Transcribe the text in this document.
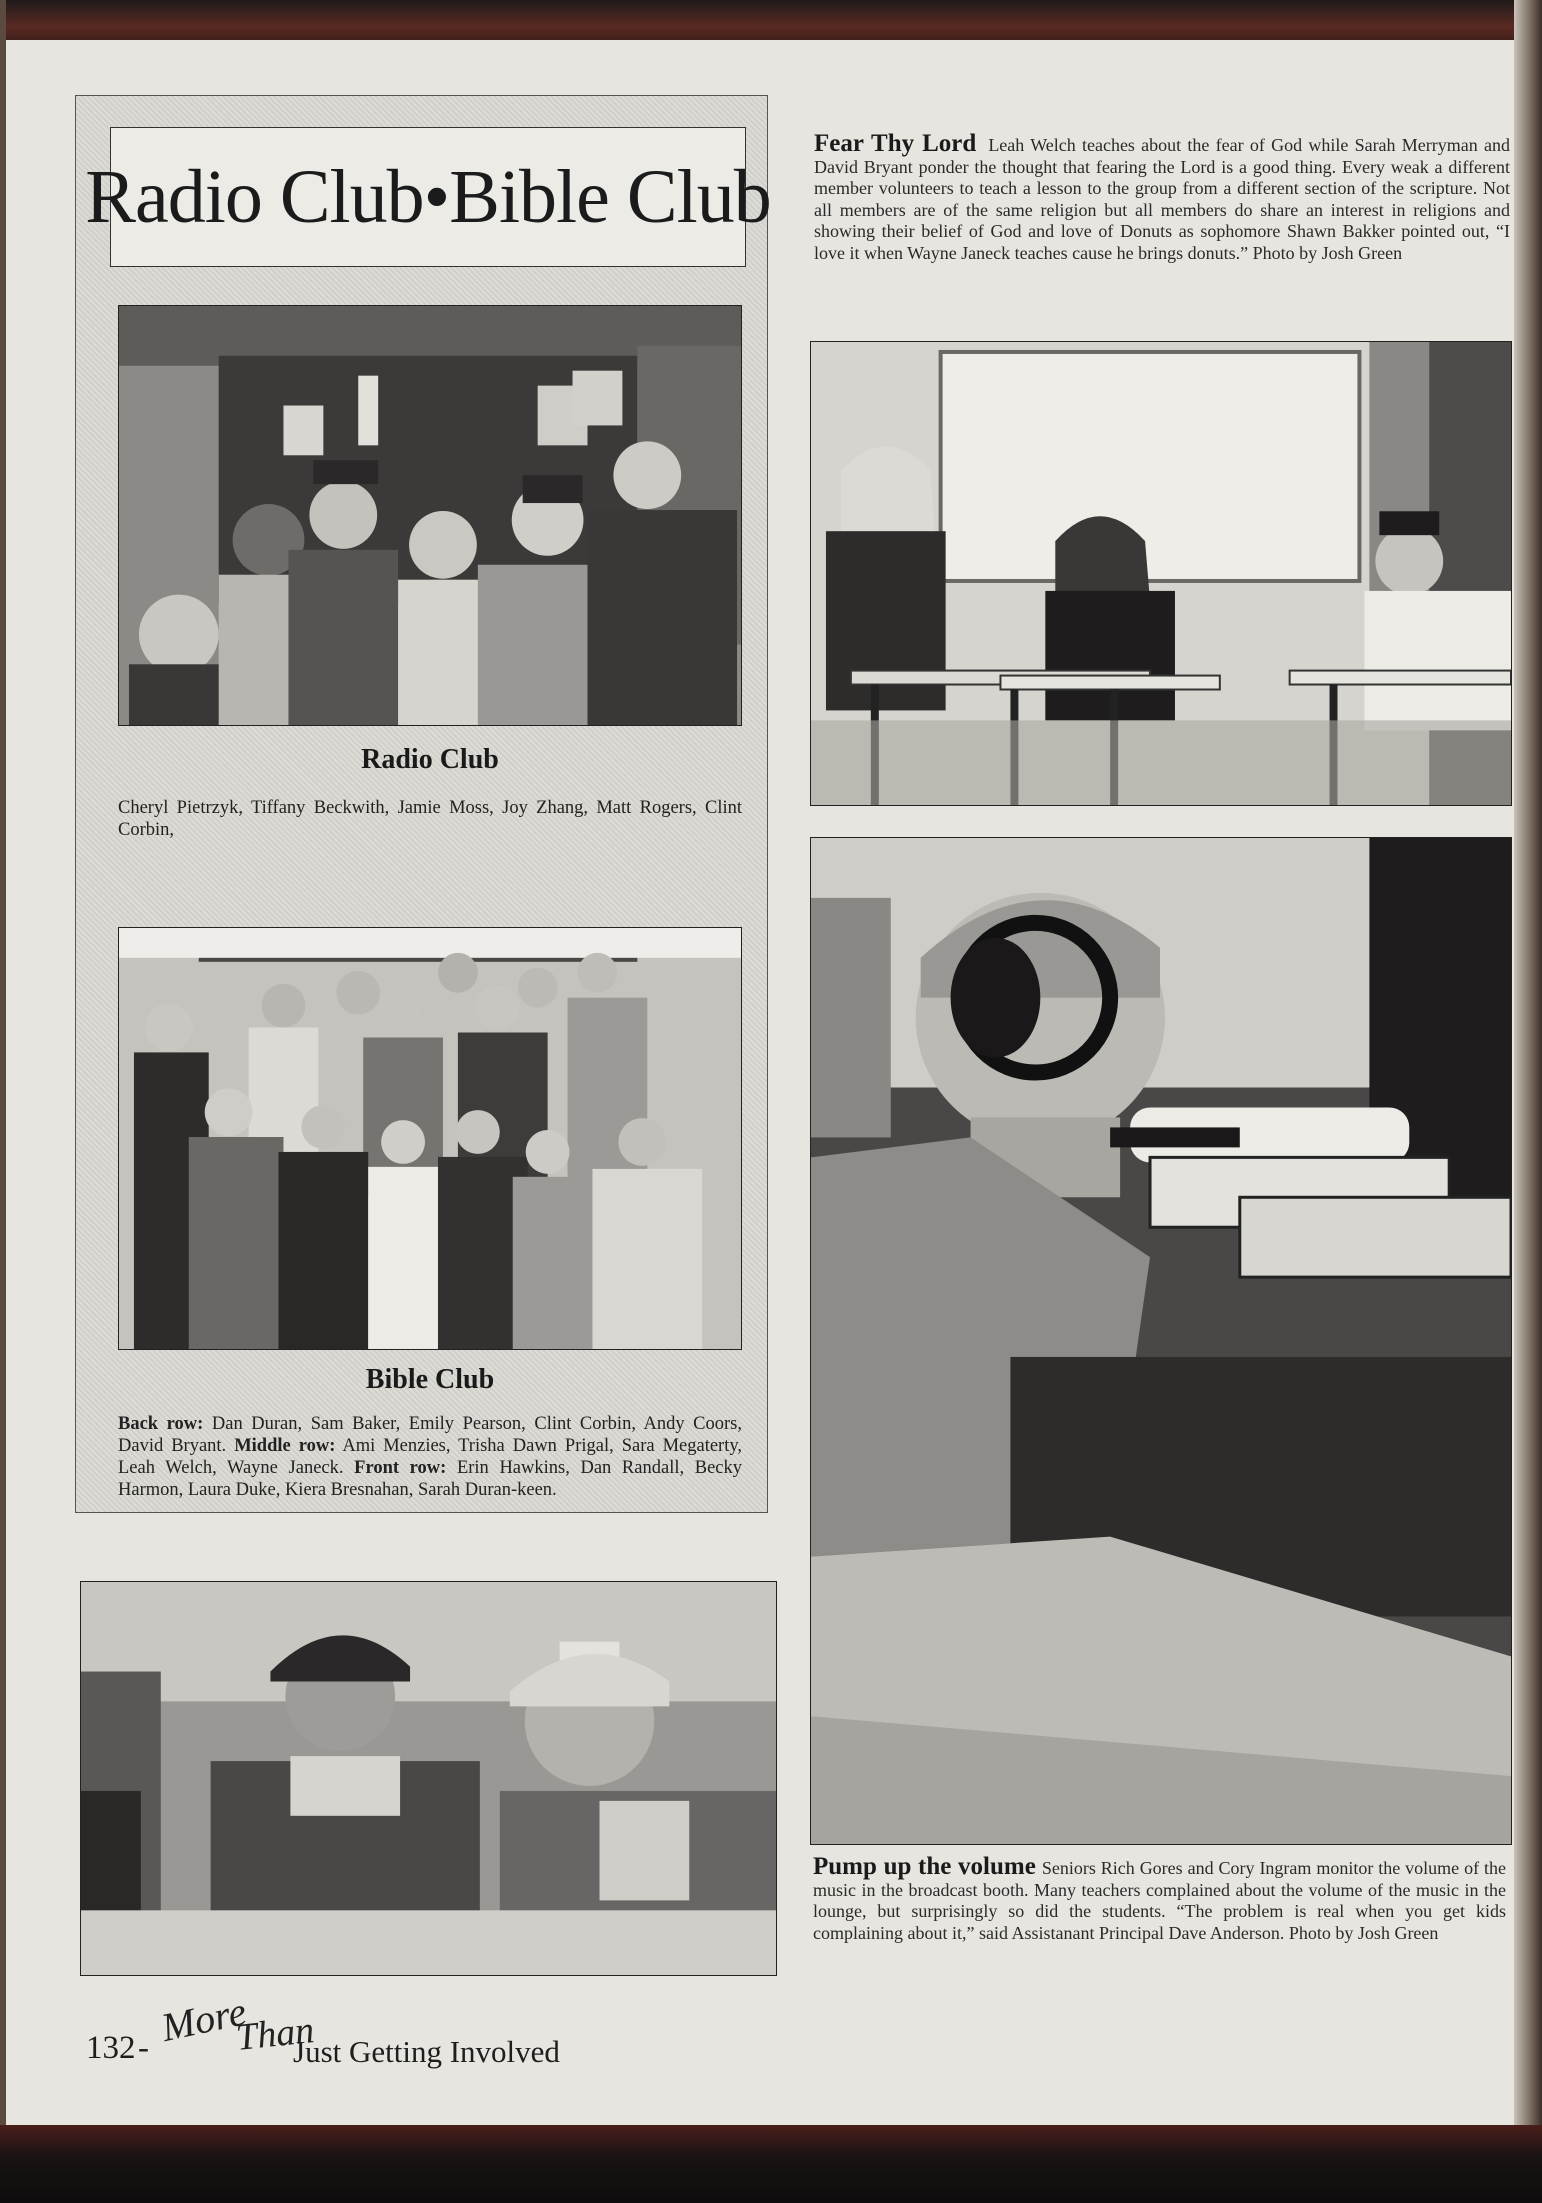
Radio Club•Bible Club
Radio Club
Cheryl Pietrzyk, Tiffany Beckwith, Jamie Moss, Joy Zhang, Matt Rogers, Clint Corbin,
Bible Club
Back row: Dan Duran, Sam Baker, Emily Pearson, Clint Corbin, Andy Coors, David Bryant. Middle row: Ami Menzies, Trisha Dawn Prigal, Sara Megaterty, Leah Welch, Wayne Janeck. Front row: Erin Hawkins, Dan Randall, Becky Harmon, Laura Duke, Kiera Bresnahan, Sarah Duran-keen.
Fear Thy Lord Leah Welch teaches about the fear of God while Sarah Merryman and David Bryant ponder the thought that fearing the Lord is a good thing. Every weak a different member volunteers to teach a lesson to the group from a different section of the scripture. Not all members are of the same religion but all members do share an interest in religions and showing their belief of God and love of Donuts as sophomore Shawn Bakker pointed out, “I love it when Wayne Janeck teaches cause he brings donuts.” Photo by Josh Green
Pump up the volume Seniors Rich Gores and Cory Ingram monitor the volume of the music in the broadcast booth. Many teachers complained about the volume of the music in the lounge, but surprisingly so did the students. “The problem is real when you get kids complaining about it,” said Assistanant Principal Dave Anderson. Photo by Josh Green
132 - More
Than
Just Getting Involved
